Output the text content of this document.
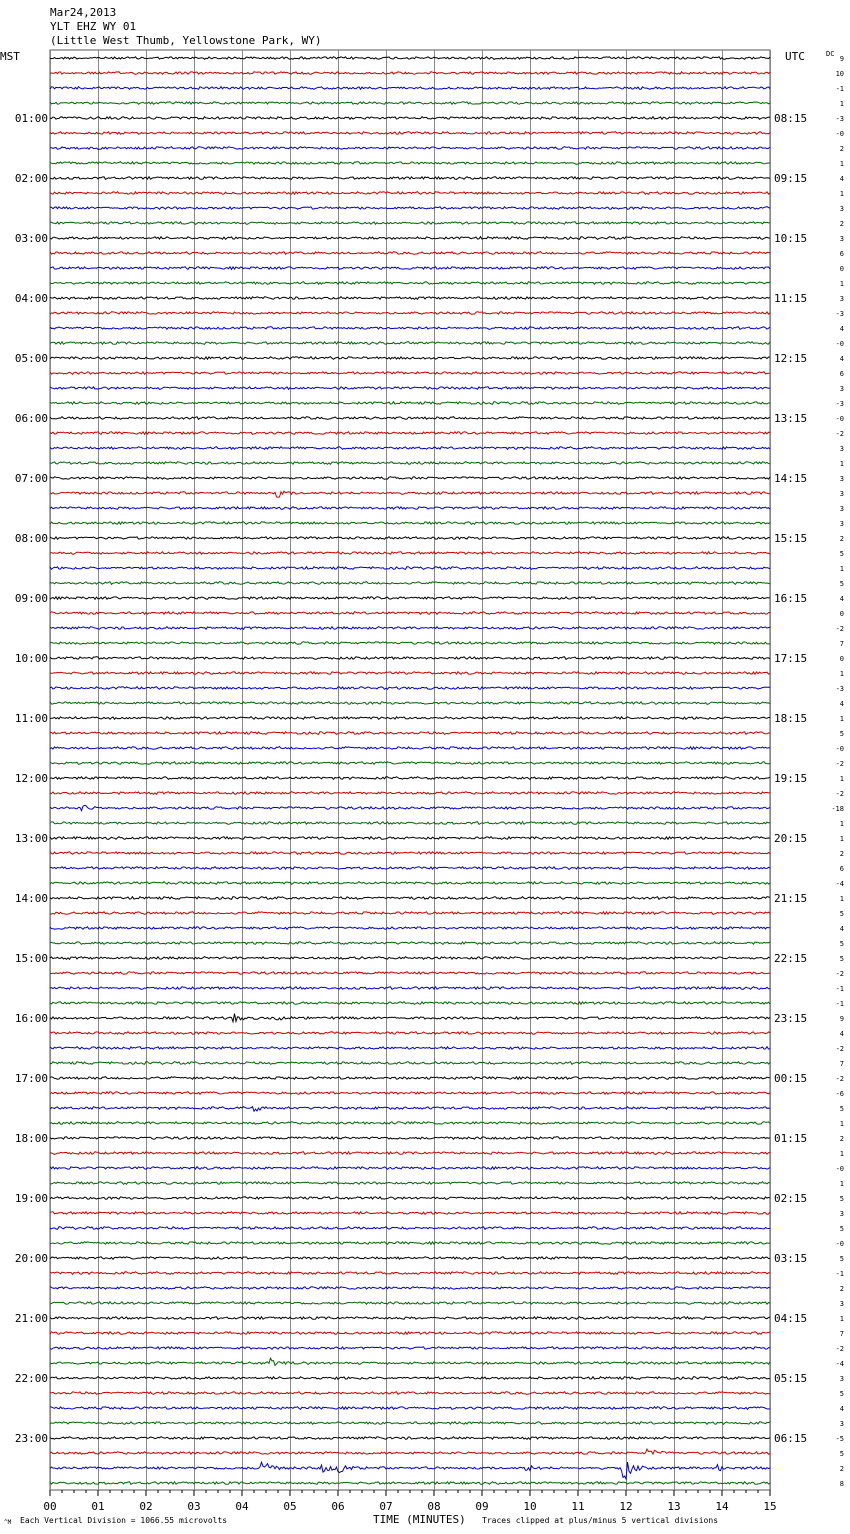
Mar24,2013
YLT EHZ WY 01
(Little West Thumb, Yellowstone Park, WY)
MST	UTC	DC
01:00
02:00
03:00
04:00
05:00
06:00
07:00
08:00
09:00
10:00
11:00
12:00
13:00
14:00
15:00
16:00
17:00
18:00
19:00
20:00
21:00
22:00
23:00
08:15
09:15
10:15
11:15
12:15
13:15
14:15
15:15
16:15
17:15
18:15
19:15
20:15
21:15
22:15
23:15
00:15
01:15
02:15
03:15
04:15
05:15
06:15
9
10
-1
1
-3
-0
2
1
4
1
3
2
3
6
0
1
3
-3
4
-0
4
6
3
-3
-0
-2
3
1
3
3
3
3
2
5
1
5
4
0
-2
7
0
1
-3
4
1
5
-0
-2
1
-2
-18
1
1
2
6
-4
1
5
4
5
5
-2
-1
-1
9
4
-2
7
-2
-6
5
1
2
1
-0
1
5
3
5
-0
5
-1
2
3
1
7
-2
-4
3
5
4
3
-5
5
2
8
00	01	02	03	04	05	06	07	08	09	10	11	12	13	14	15
^M Each Vertical Division = 1066.55 microvolts	TIME (MINUTES) Traces clipped at plus/minus 5 vertical divisions
